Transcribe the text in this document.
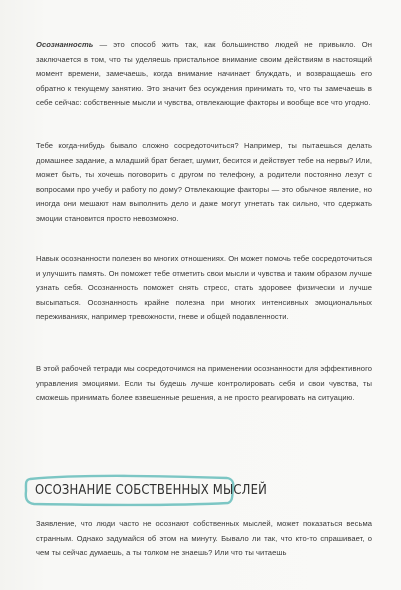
Осознанность — это способ жить так, как большинство людей не привыкло. Он заключается в том, что ты уделяешь пристальное внимание своим действиям в настоящий момент времени, замечаешь, когда внимание начинает блуждать, и возвращаешь его обратно к текущему занятию. Это значит без осуждения принимать то, что ты замечаешь в себе сейчас: собственные мысли и чувства, отвлекающие факторы и вообще все что угодно.

Тебе когда-нибудь бывало сложно сосредоточиться? Например, ты пытаешься делать домашнее задание, а младший брат бегает, шумит, бесится и действует тебе на нервы? Или, может быть, ты хочешь поговорить с другом по телефону, а родители постоянно лезут с вопросами про учебу и работу по дому? Отвлекающие факторы — это обычное явление, но иногда они мешают нам выполнить дело и даже могут угнетать так сильно, что сдержать эмоции становится просто невозможно.

Навык осознанности полезен во многих отношениях. Он может помочь тебе сосредоточиться и улучшить память. Он поможет тебе отметить свои мысли и чувства и таким образом лучше узнать себя. Осознанность поможет снять стресс, стать здоровее физически и лучше высыпаться. Осознанность крайне полезна при многих интенсивных эмоциональных переживаниях, например тревожности, гневе и общей подавленности.

В этой рабочей тетради мы сосредоточимся на применении осознанности для эффективного управления эмоциями. Если ты будешь лучше контролировать себя и свои чувства, ты сможешь принимать более взвешенные решения, а не просто реагировать на ситуацию.

ОСОЗНАНИЕ СОБСТВЕННЫХ МЫСЛЕЙ

Заявление, что люди часто не осознают собственных мыслей, может показаться весьма странным. Однако задумайся об этом на минуту. Бывало ли так, что кто-то спрашивает, о чем ты сейчас думаешь, а ты толком не знаешь? Или что ты читаешь
